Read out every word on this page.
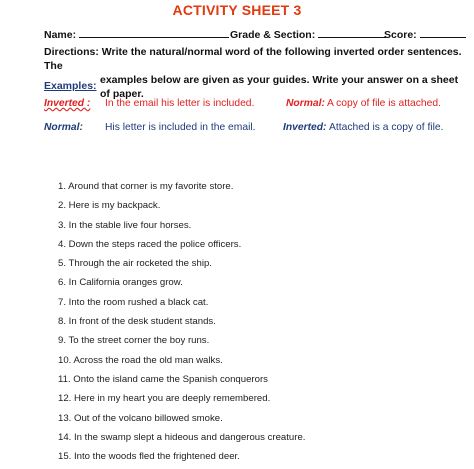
ACTIVITY SHEET 3
Name:	Grade & Section:	Score:
Directions: Write the natural/normal word of the following inverted order sentences. The
examples below are given as your guides. Write your answer on a sheet of paper.
Examples:
Inverted : In the email his letter is included.	Normal: A copy of file is attached.
Normal: His letter is included in the email.	Inverted: Attached is a copy of file.
1. Around that corner is my favorite store.
2. Here is my backpack.
3. In the stable live four horses.
4. Down the steps raced the police officers.
5. Through the air rocketed the ship.
6. In California oranges grow.
7. Into the room rushed a black cat.
8. In front of the desk student stands.
9. To the street corner the boy runs.
10. Across the road the old man walks.
11. Onto the island came the Spanish conquerors
12. Here in my heart you are deeply remembered.
13. Out of the volcano billowed smoke.
14. In the swamp slept a hideous and dangerous creature.
15. Into the woods fled the frightened deer.
